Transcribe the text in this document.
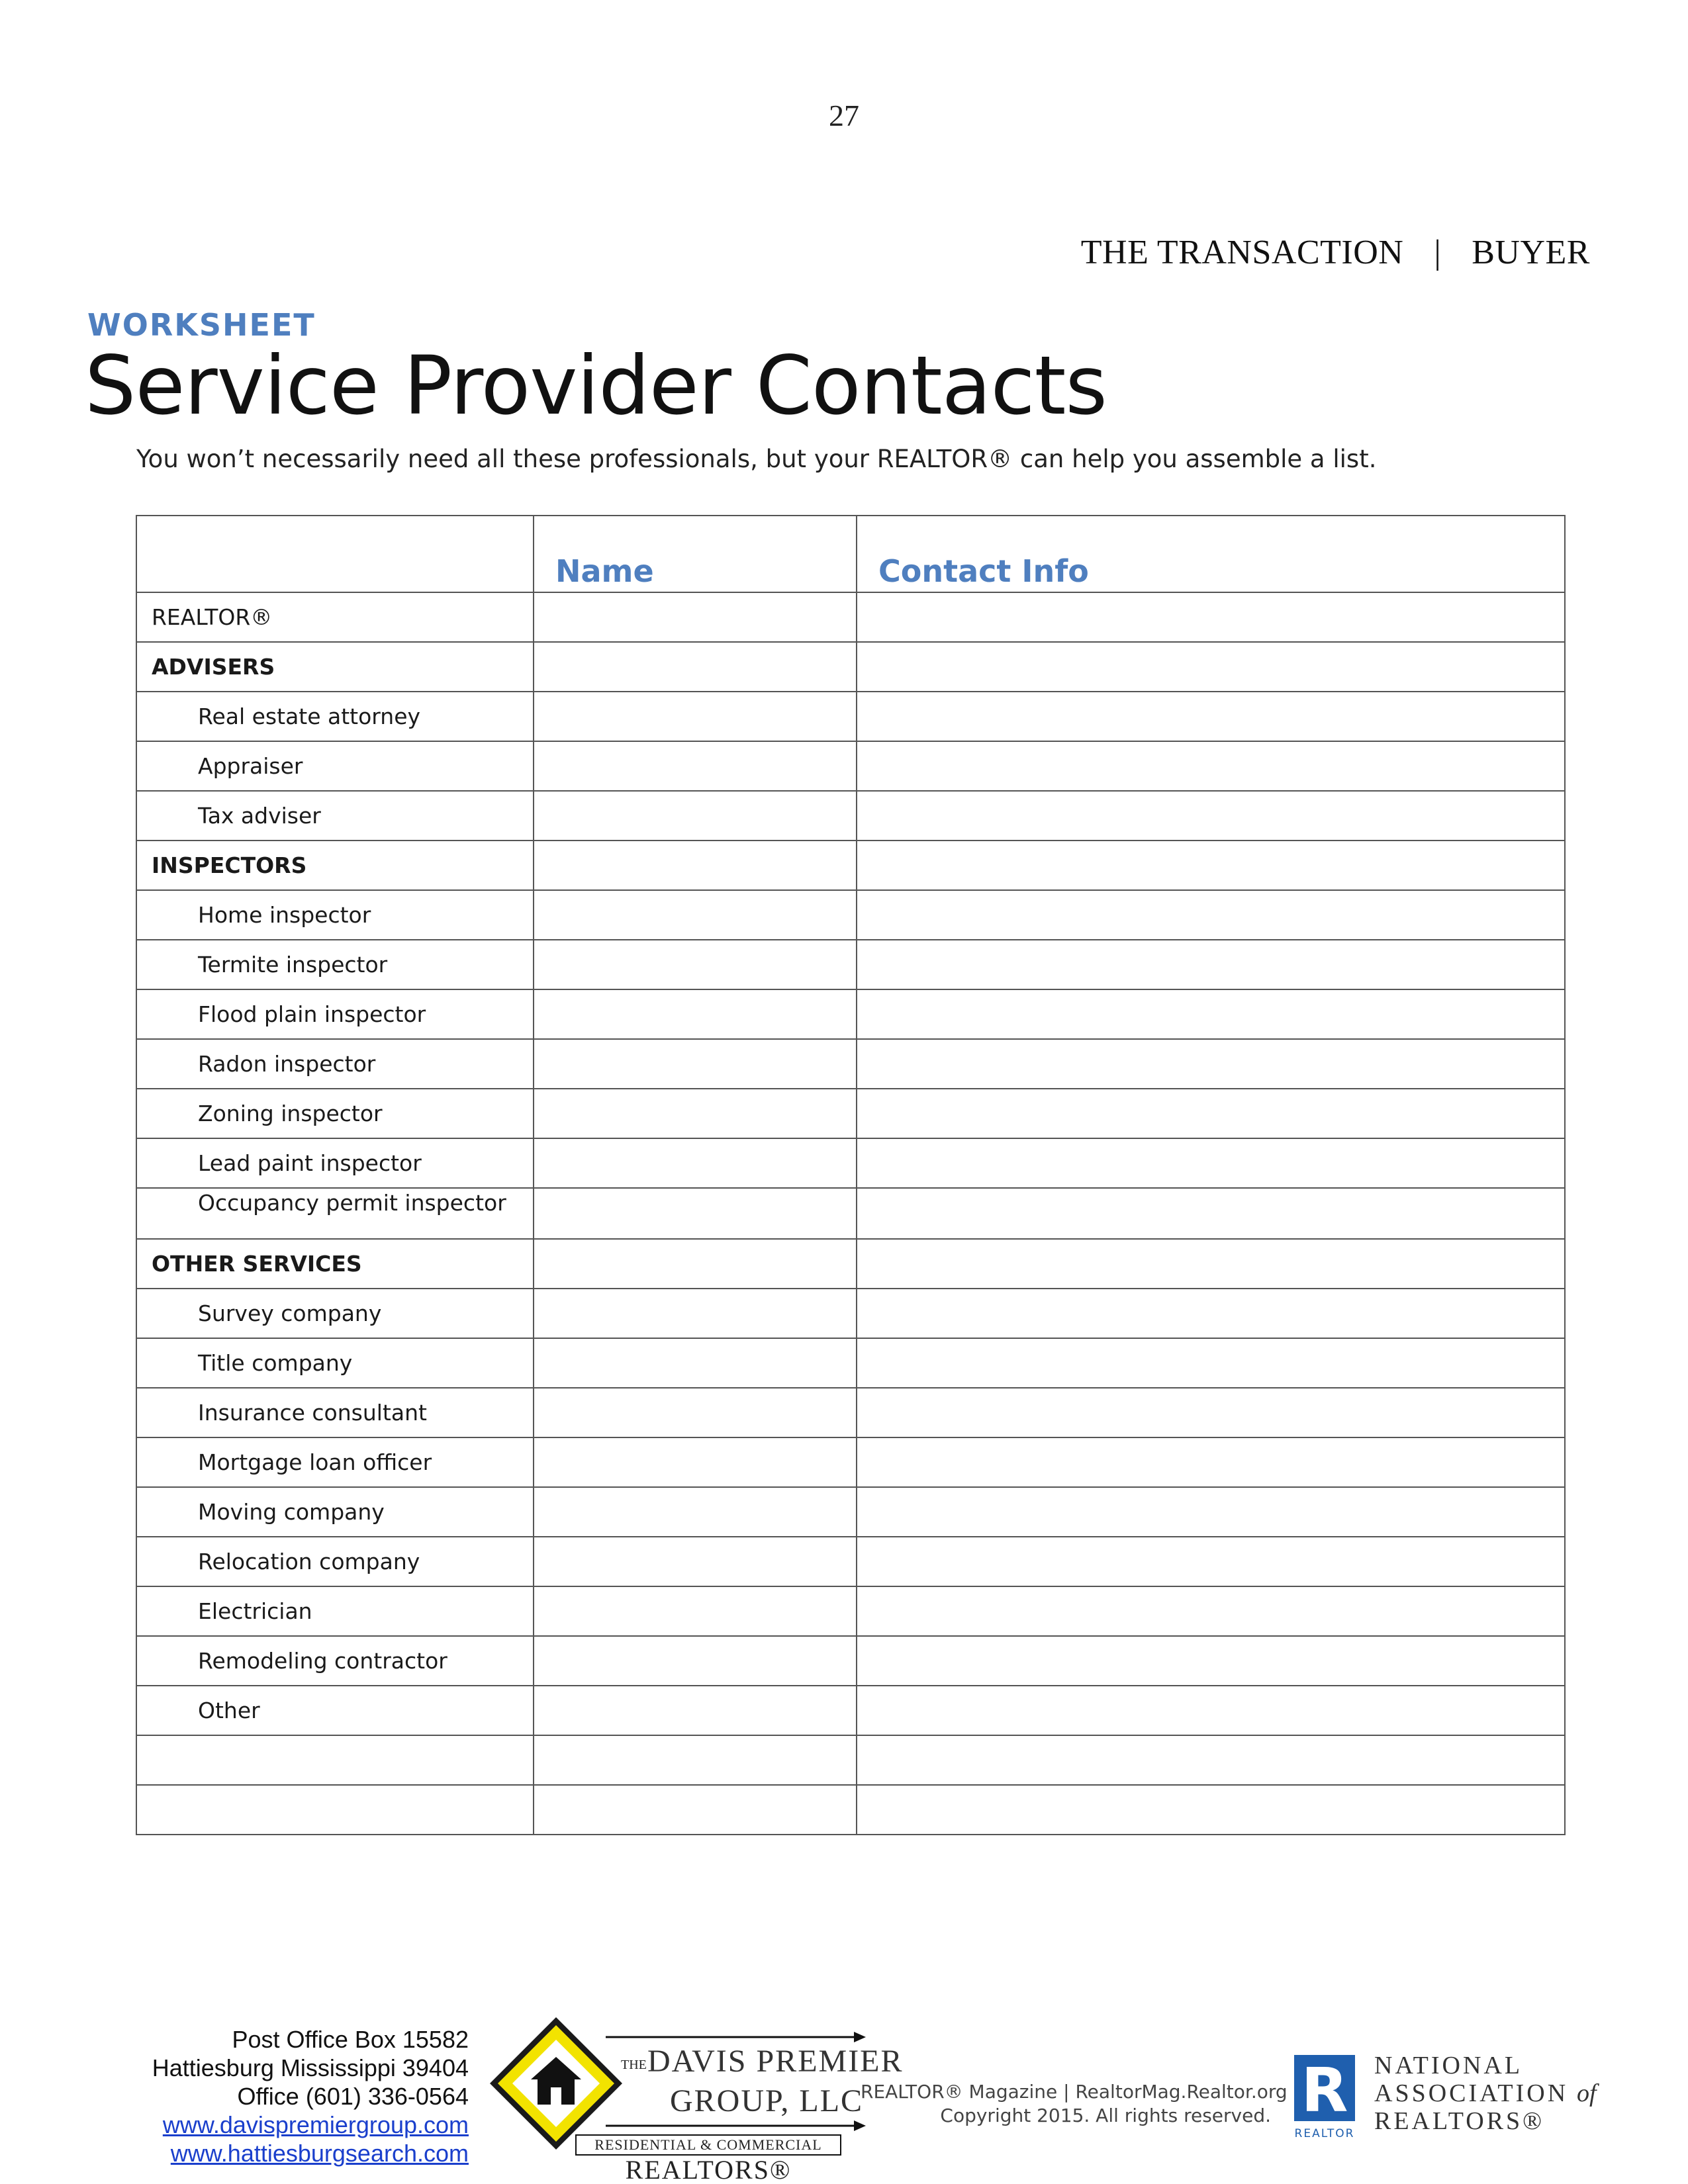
27
THE TRANSACTION | BUYER
WORKSHEET
Service Provider Contacts
You won’t necessarily need all these professionals, but your REALTOR® can help you assemble a list.
	Name	Contact Info
REALTOR®		
ADVISERS		
Real estate attorney		
Appraiser		
Tax adviser		
INSPECTORS		
Home inspector		
Termite inspector		
Flood plain inspector		
Radon inspector		
Zoning inspector		
Lead paint inspector		
Occupancy permit inspector		
OTHER SERVICES		
Survey company		
Title company		
Insurance consultant		
Mortgage loan officer		
Moving company		
Relocation company		
Electrician		
Remodeling contractor		
Other		

Post Office Box 15582
Hattiesburg Mississippi 39404
Office (601) 336-0564
www.davispremiergroup.com
www.hattiesburgsearch.com
THE DAVIS PREMIER
GROUP, LLC
RESIDENTIAL & COMMERCIAL
REALTORS®
REALTOR® Magazine | RealtorMag.Realtor.org
Copyright 2015. All rights reserved. R
REALTOR
NATIONAL
ASSOCIATION of
REALTORS®
